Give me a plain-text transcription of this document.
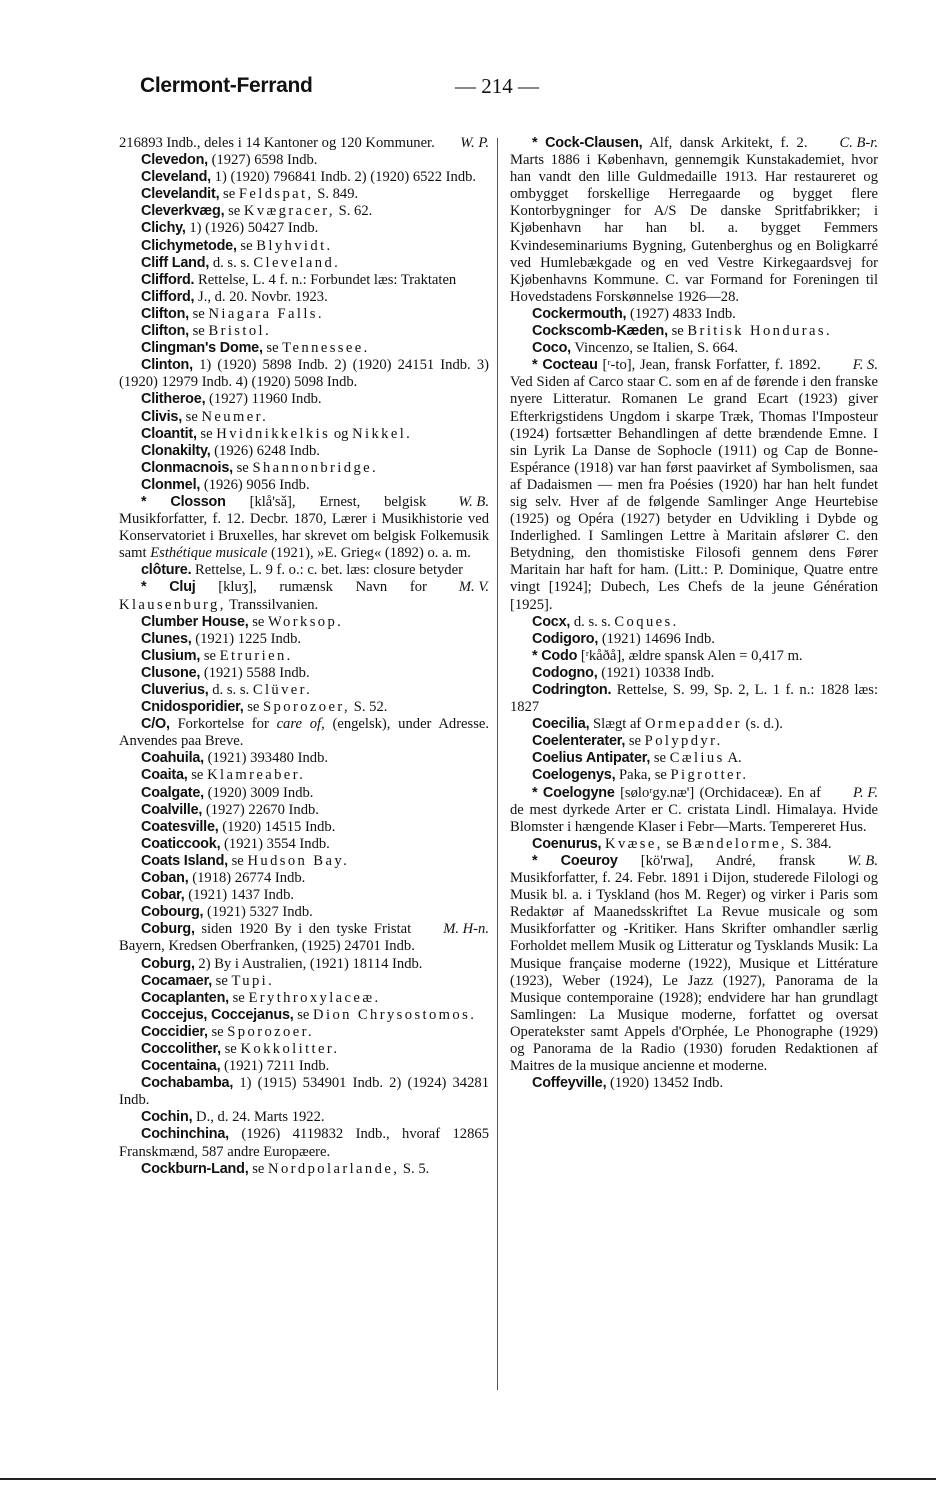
Clermont-Ferrand	— 214 —

W. P.
216893 Indb., deles i 14 Kantoner og 120 Kommuner.

Clevedon, (1927) 6598 Indb.

Cleveland, 1) (1920) 796841 Indb. 2) (1920) 6522 Indb.

Clevelandit, se Feldspat, S. 849.

Cleverkvæg, se Kvægracer, S. 62.

Clichy, 1) (1926) 50427 Indb.

Clichymetode, se Blyhvidt.

Cliff Land, d. s. s. Cleveland.

Clifford. Rettelse, L. 4 f. n.: Forbundet læs: Traktaten

Clifford, J., d. 20. Novbr. 1923.

Clifton, se Niagara Falls.

Clifton, se Bristol.

Clingman's Dome, se Tennessee.

Clinton, 1) (1920) 5898 Indb. 2) (1920) 24151 Indb. 3) (1920) 12979 Indb. 4) (1920) 5098 Indb.

Clitheroe, (1927) 11960 Indb.

Clivis, se Neumer.

Cloantit, se Hvidnikkelkis og Nikkel.

Clonakilty, (1926) 6248 Indb.

Clonmacnois, se Shannonbridge.

Clonmel, (1926) 9056 Indb.

W. B.
* Closson [klå'sǎ], Ernest, belgisk Musikforfatter, f. 12. Decbr. 1870, Lærer i Musikhistorie ved Konservatoriet i Bruxelles, har skrevet om belgisk Folkemusik samt Esthétique musicale (1921), »E. Grieg« (1892) o. a. m.

clôture. Rettelse, L. 9 f. o.: c. bet. læs: closure betyder

M. V.
* Cluj [kluʒ], rumænsk Navn for Klausenburg, Transsilvanien.

Clumber House, se Worksop.

Clunes, (1921) 1225 Indb.

Clusium, se Etrurien.

Clusone, (1921) 5588 Indb.

Cluverius, d. s. s. Clüver.

Cnidosporidier, se Sporozoer, S. 52.

C/O, Forkortelse for care of, (engelsk), under Adresse. Anvendes paa Breve.

Coahuila, (1921) 393480 Indb.

Coaita, se Klamreaber.

Coalgate, (1920) 3009 Indb.

Coalville, (1927) 22670 Indb.

Coatesville, (1920) 14515 Indb.

Coaticcook, (1921) 3554 Indb.

Coats Island, se Hudson Bay.

Coban, (1918) 26774 Indb.

Cobar, (1921) 1437 Indb.

Cobourg, (1921) 5327 Indb.

M. H-n.
Coburg, siden 1920 By i den tyske Fristat Bayern, Kredsen Oberfranken, (1925) 24701 Indb.

Coburg, 2) By i Australien, (1921) 18114 Indb.

Cocamaer, se Tupi.

Cocaplanten, se Erythroxylaceæ.

Coccejus, Coccejanus, se Dion Chrysostomos.

Coccidier, se Sporozoer.

Coccolither, se Kokkolitter.

Cocentaina, (1921) 7211 Indb.

Cochabamba, 1) (1915) 534901 Indb. 2) (1924) 34281 Indb.

Cochin, D., d. 24. Marts 1922.

Cochinchina, (1926) 4119832 Indb., hvoraf 12865 Franskmænd, 587 andre Europæere.

Cockburn-Land, se Nordpolarlande, S. 5.

C. B-r.
* Cock-Clausen, Alf, dansk Arkitekt, f. 2. Marts 1886 i København, gennemgik Kunstakademiet, hvor han vandt den lille Guldmedaille 1913. Har restaureret og ombygget forskellige Herregaarde og bygget flere Kontorbygninger for A/S De danske Spritfabrikker; i Kjøbenhavn har han bl. a. bygget Femmers Kvindeseminariums Bygning, Gutenberghus og en Boligkarré ved Humlebækgade og en ved Vestre Kirkegaardsvej for Kjøbenhavns Kommune. C. var Formand for Foreningen til Hovedstadens Forskønnelse 1926—28.

Cockermouth, (1927) 4833 Indb.

Cockscomb-Kæden, se Britisk Honduras.

Coco, Vincenzo, se Italien, S. 664.

F. S.
* Cocteau [ʳ-to], Jean, fransk Forfatter, f. 1892. Ved Siden af Carco staar C. som en af de førende i den franske nyere Litteratur. Romanen Le grand Ecart (1923) giver Efterkrigstidens Ungdom i skarpe Træk, Thomas l'Imposteur (1924) fortsætter Behandlingen af dette brændende Emne. I sin Lyrik La Danse de Sophocle (1911) og Cap de Bonne-Espérance (1918) var han først paavirket af Symbolismen, saa af Dadaismen — men fra Poésies (1920) har han helt fundet sig selv. Hver af de følgende Samlinger Ange Heurtebise (1925) og Opéra (1927) betyder en Udvikling i Dybde og Inderlighed. I Samlingen Lettre à Maritain afslører C. den Betydning, den thomistiske Filosofi gennem dens Fører Maritain har haft for ham. (Litt.: P. Dominique, Quatre entre vingt [1924]; Dubech, Les Chefs de la jeune Génération [1925].

Cocx, d. s. s. Coques.

Codigoro, (1921) 14696 Indb.

* Codo [ʳkåðå], ældre spansk Alen = 0,417 m.

Codogno, (1921) 10338 Indb.

Codrington. Rettelse, S. 99, Sp. 2, L. 1 f. n.: 1828 læs: 1827

Coecilia, Slægt af Ormepadder (s. d.).

Coelenterater, se Polypdyr.

Coelius Antipater, se Cælius A.

Coelogenys, Paka, se Pigrotter.

P. F.
* Coelogyne [søloʳgy.næ'] (Orchidaceæ). En af de mest dyrkede Arter er C. cristata Lindl. Himalaya. Hvide Blomster i hængende Klaser i Febr—Marts. Tempereret Hus.

Coenurus, Kvæse, se Bændelorme, S. 384.

W. B.
* Coeuroy [kö'rwa], André, fransk Musikforfatter, f. 24. Febr. 1891 i Dijon, studerede Filologi og Musik bl. a. i Tyskland (hos M. Reger) og virker i Paris som Redaktør af Maanedsskriftet La Revue musicale og som Musikforfatter og -Kritiker. Hans Skrifter omhandler særlig Forholdet mellem Musik og Litteratur og Tysklands Musik: La Musique française moderne (1922), Musique et Littérature (1923), Weber (1924), Le Jazz (1927), Panorama de la Musique contemporaine (1928); endvidere har han grundlagt Samlingen: La Musique moderne, forfattet og oversat Operatekster samt Appels d'Orphée, Le Phonographe (1929) og Panorama de la Radio (1930) foruden Redaktionen af Maitres de la musique ancienne et moderne.

Coffeyville, (1920) 13452 Indb.
